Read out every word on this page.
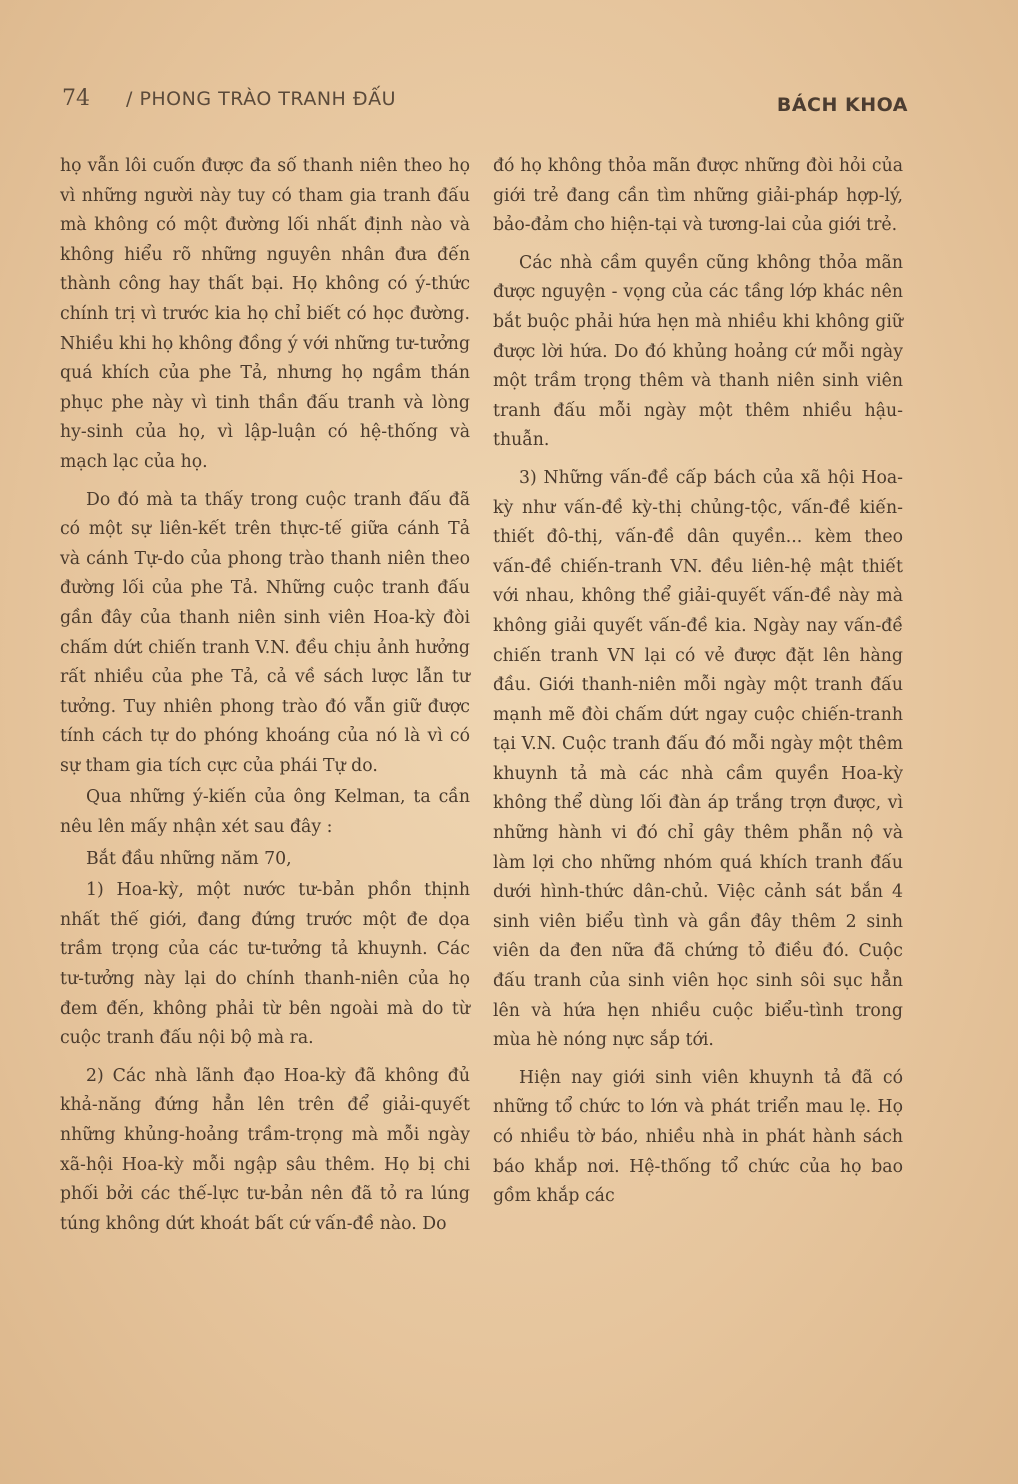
74 / PHONG TRÀO TRANH ĐẤU	BÁCH KHOA

họ vẫn lôi cuốn được đa số thanh niên theo họ vì những người này tuy có tham gia tranh đấu mà không có một đường lối nhất định nào và không hiểu rõ những nguyên nhân đưa đến thành công hay thất bại. Họ không có ý-thức chính trị vì trước kia họ chỉ biết có học đường. Nhiều khi họ không đồng ý với những tư-tưởng quá khích của phe Tả, nhưng họ ngầm thán phục phe này vì tinh thần đấu tranh và lòng hy-sinh của họ, vì lập-luận có hệ-thống và mạch lạc của họ.

Do đó mà ta thấy trong cuộc tranh đấu đã có một sự liên-kết trên thực-tế giữa cánh Tả và cánh Tự-do của phong trào thanh niên theo đường lối của phe Tả. Những cuộc tranh đấu gần đây của thanh niên sinh viên Hoa-kỳ đòi chấm dứt chiến tranh V.N. đều chịu ảnh hưởng rất nhiều của phe Tả, cả về sách lược lẫn tư tưởng. Tuy nhiên phong trào đó vẫn giữ được tính cách tự do phóng khoáng của nó là vì có sự tham gia tích cực của phái Tự do.

Qua những ý-kiến của ông Kelman, ta cần nêu lên mấy nhận xét sau đây :

Bắt đầu những năm 70,

1) Hoa-kỳ, một nước tư-bản phồn thịnh nhất thế giới, đang đứng trước một đe dọa trầm trọng của các tư-tưởng tả khuynh. Các tư-tưởng này lại do chính thanh-niên của họ đem đến, không phải từ bên ngoài mà do từ cuộc tranh đấu nội bộ mà ra.

2) Các nhà lãnh đạo Hoa-kỳ đã không đủ khả-năng đứng hẳn lên trên để giải-quyết những khủng-hoảng trầm-trọng mà mỗi ngày xã-hội Hoa-kỳ mỗi ngập sâu thêm. Họ bị chi phối bởi các thế-lực tư-bản nên đã tỏ ra lúng túng không dứt khoát bất cứ vấn-đề nào. Do

đó họ không thỏa mãn được những đòi hỏi của giới trẻ đang cần tìm những giải-pháp hợp-lý, bảo-đảm cho hiện-tại và tương-lai của giới trẻ.

Các nhà cầm quyền cũng không thỏa mãn được nguyện - vọng của các tầng lớp khác nên bắt buộc phải hứa hẹn mà nhiều khi không giữ được lời hứa. Do đó khủng hoảng cứ mỗi ngày một trầm trọng thêm và thanh niên sinh viên tranh đấu mỗi ngày một thêm nhiều hậu-thuẫn.

3) Những vấn-đề cấp bách của xã hội Hoa-kỳ như vấn-đề kỳ-thị chủng-tộc, vấn-đề kiến-thiết đô-thị, vấn-đề dân quyền... kèm theo vấn-đề chiến-tranh VN. đều liên-hệ mật thiết với nhau, không thể giải-quyết vấn-đề này mà không giải quyết vấn-đề kia. Ngày nay vấn-đề chiến tranh VN lại có vẻ được đặt lên hàng đầu. Giới thanh-niên mỗi ngày một tranh đấu mạnh mẽ đòi chấm dứt ngay cuộc chiến-tranh tại V.N. Cuộc tranh đấu đó mỗi ngày một thêm khuynh tả mà các nhà cầm quyền Hoa-kỳ không thể dùng lối đàn áp trắng trợn được, vì những hành vi đó chỉ gây thêm phẫn nộ và làm lợi cho những nhóm quá khích tranh đấu dưới hình-thức dân-chủ. Việc cảnh sát bắn 4 sinh viên biểu tình và gần đây thêm 2 sinh viên da đen nữa đã chứng tỏ điều đó. Cuộc đấu tranh của sinh viên học sinh sôi sục hẳn lên và hứa hẹn nhiều cuộc biểu-tình trong mùa hè nóng nực sắp tới.

Hiện nay giới sinh viên khuynh tả đã có những tổ chức to lớn và phát triển mau lẹ. Họ có nhiều tờ báo, nhiều nhà in phát hành sách báo khắp nơi. Hệ-thống tổ chức của họ bao gồm khắp các
